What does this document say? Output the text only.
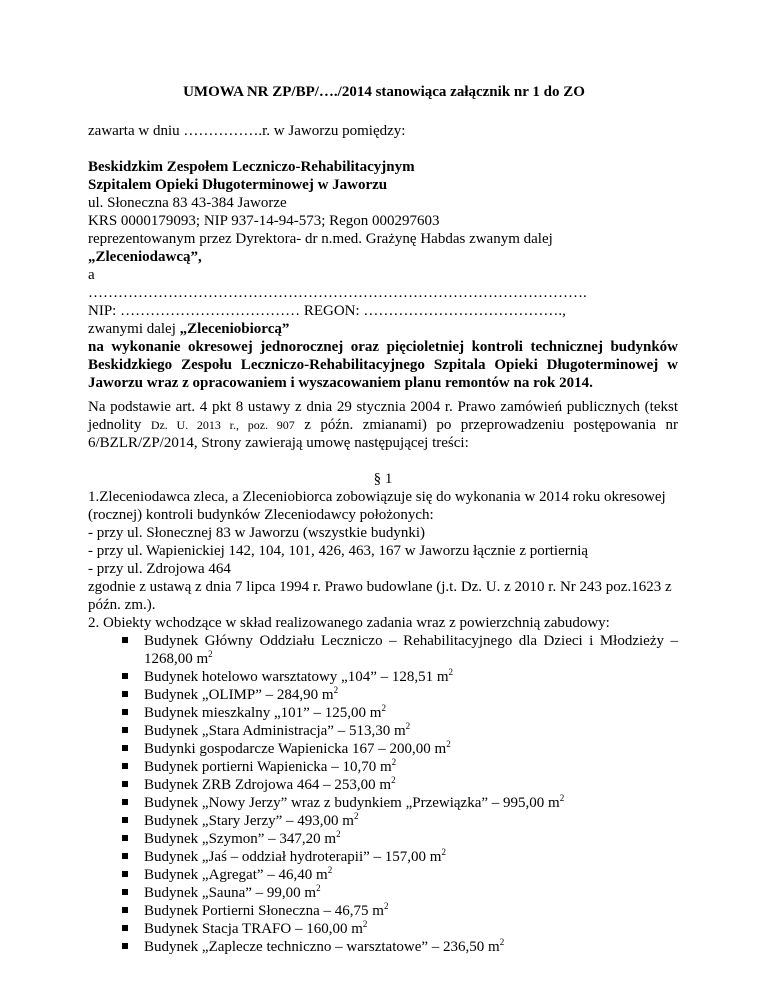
UMOWA NR ZP/BP/…./2014 stanowiąca załącznik nr 1 do ZO
zawarta w dniu …………….r. w Jaworzu pomiędzy:
Beskidzkim Zespołem Leczniczo-Rehabilitacyjnym
Szpitalem Opieki Długoterminowej w Jaworzu
ul. Słoneczna 83 43-384 Jaworze
KRS 0000179093; NIP 937-14-94-573; Regon 000297603
reprezentowanym przez Dyrektora- dr n.med. Grażynę Habdas zwanym dalej
„Zleceniodawcą”,
a
……………………………………………………………………………………….
NIP: ……………………………… REGON: ………………………………….,
zwanymi dalej „Zleceniobiorcą”
na wykonanie okresowej jednorocznej oraz pięcioletniej kontroli technicznej budynków Beskidzkiego Zespołu Leczniczo-Rehabilitacyjnego Szpitala Opieki Długoterminowej w Jaworzu wraz z opracowaniem i wyszacowaniem planu remontów na rok 2014.
Na podstawie art. 4 pkt 8 ustawy z dnia 29 stycznia 2004 r. Prawo zamówień publicznych (tekst jednolity Dz. U. 2013 r., poz. 907 z późn. zmianami) po przeprowadzeniu postępowania nr 6/BZLR/ZP/2014, Strony zawierają umowę następującej treści:
§ 1
1.Zleceniodawca zleca, a Zleceniobiorca zobowiązuje się do wykonania w 2014 roku okresowej (rocznej) kontroli budynków Zleceniodawcy położonych:
- przy ul. Słonecznej 83 w Jaworzu (wszystkie budynki)
- przy ul. Wapienickiej 142, 104, 101, 426, 463, 167 w Jaworzu łącznie z portiernią
- przy ul. Zdrojowa 464
zgodnie z ustawą z dnia 7 lipca 1994 r. Prawo budowlane (j.t. Dz. U. z 2010 r. Nr 243 poz.1623 z późn. zm.).
2. Obiekty wchodzące w skład realizowanego zadania wraz z powierzchnią zabudowy:
Budynek Główny Oddziału Leczniczo – Rehabilitacyjnego dla Dzieci i Młodzieży – 1268,00 $m^2$
Budynek hotelowo warsztatowy „104” – 128,51 $m^2$
Budynek „OLIMP” – 284,90 $m^2$
Budynek mieszkalny „101” – 125,00 $m^2$
Budynek „Stara Administracja” – 513,30 $m^2$
Budynki gospodarcze Wapienicka 167 – 200,00 $m^2$
Budynek portierni Wapienicka – 10,70 $m^2$
Budynek ZRB Zdrojowa 464 – 253,00 $m^2$
Budynek „Nowy Jerzy” wraz z budynkiem „Przewiązka” – 995,00 $m^2$
Budynek „Stary Jerzy” – 493,00 $m^2$
Budynek „Szymon” – 347,20 $m^2$
Budynek „Jaś – oddział hydroterapii” – 157,00 $m^2$
Budynek „Agregat” – 46,40 $m^2$
Budynek „Sauna” – 99,00 $m^2$
Budynek Portierni Słoneczna – 46,75 $m^2$
Budynek Stacja TRAFO – 160,00 $m^2$
Budynek „Zaplecze techniczno – warsztatowe” – 236,50 $m^2$
